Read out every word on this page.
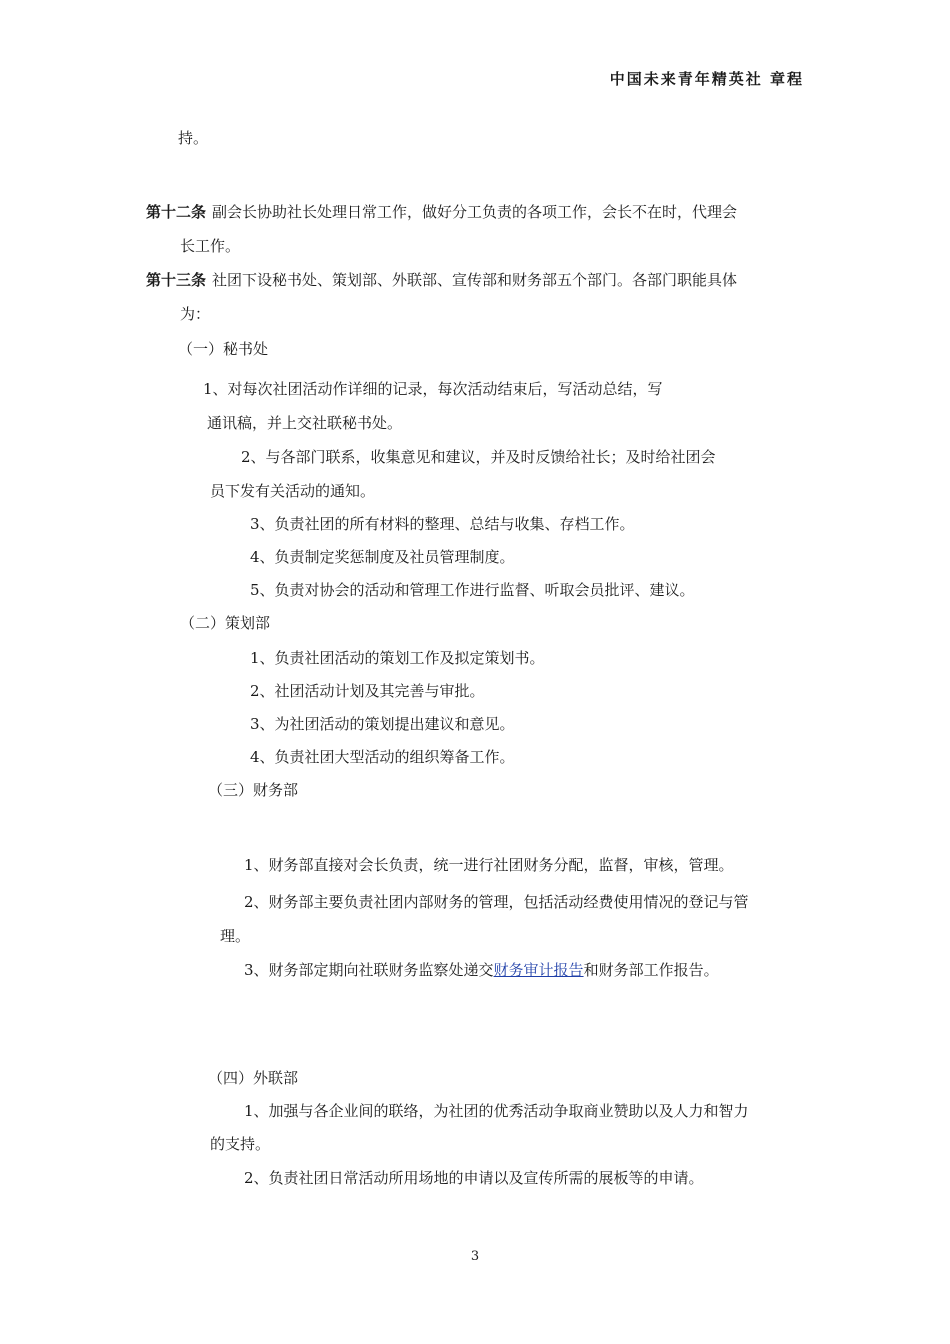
中国未来青年精英社 章程
持。
第十二条 副会长协助社长处理日常工作，做好分工负责的各项工作，会长不在时，代理会
长工作。
第十三条 社团下设秘书处、策划部、外联部、宣传部和财务部五个部门。各部门职能具体
为：
（一）秘书处
1、对每次社团活动作详细的记录，每次活动结束后，写活动总结，写
通讯稿，并上交社联秘书处。
2、与各部门联系，收集意见和建议，并及时反馈给社长；及时给社团会
员下发有关活动的通知。
3、负责社团的所有材料的整理、总结与收集、存档工作。
4、负责制定奖惩制度及社员管理制度。
5、负责对协会的活动和管理工作进行监督、听取会员批评、建议。
（二）策划部
1、负责社团活动的策划工作及拟定策划书。
2、社团活动计划及其完善与审批。
3、为社团活动的策划提出建议和意见。
4、负责社团大型活动的组织筹备工作。
（三）财务部
1、财务部直接对会长负责，统一进行社团财务分配，监督，审核，管理。
2、财务部主要负责社团内部财务的管理，包括活动经费使用情况的登记与管
理。
3、财务部定期向社联财务监察处递交财务审计报告和财务部工作报告。
（四）外联部
1、加强与各企业间的联络，为社团的优秀活动争取商业赞助以及人力和智力
的支持。
2、负责社团日常活动所用场地的申请以及宣传所需的展板等的申请。
3
